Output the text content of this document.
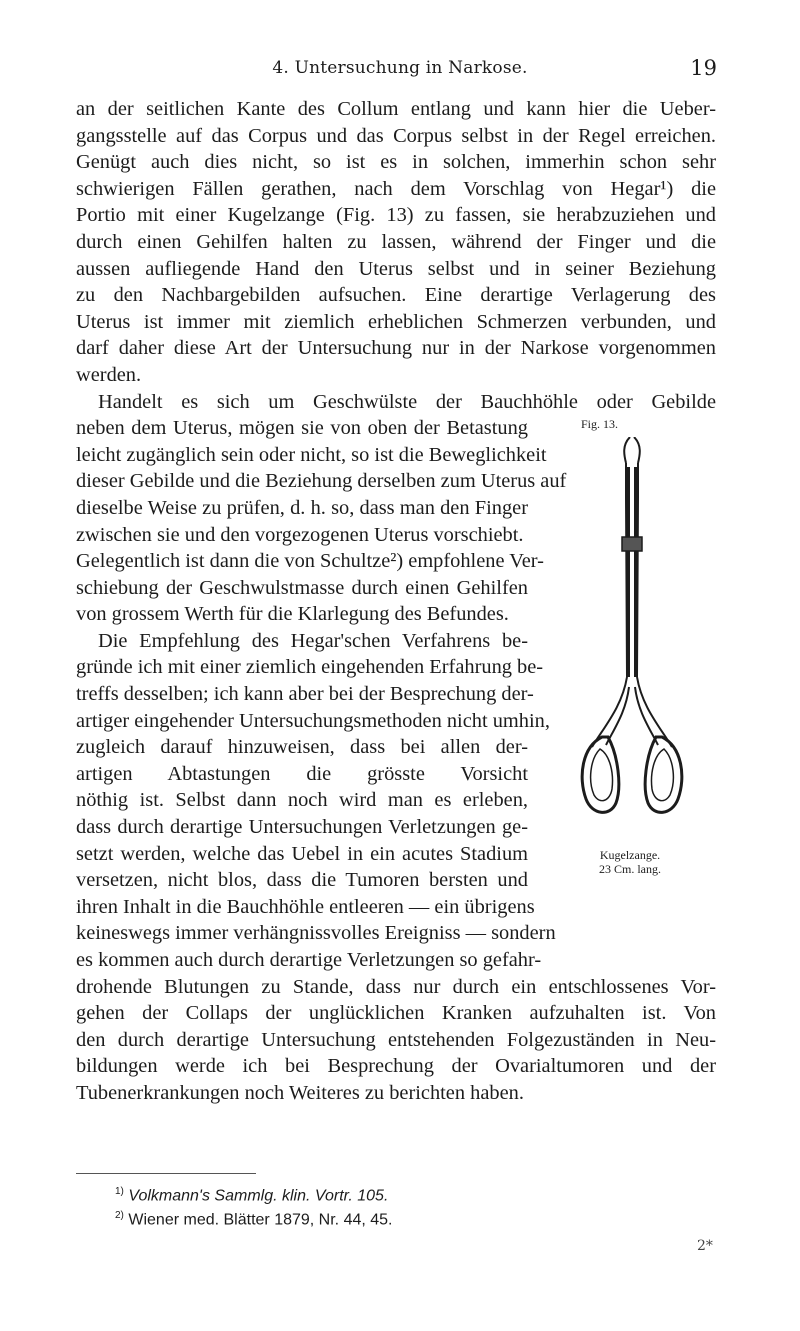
4. Untersuchung in Narkose.	19
an der seitlichen Kante des Collum entlang und kann hier die Ueber-
gangsstelle auf das Corpus und das Corpus selbst in der Regel erreichen.
Genügt auch dies nicht, so ist es in solchen, immerhin schon sehr
schwierigen Fällen gerathen, nach dem Vorschlag von Hegar¹) die
Portio mit einer Kugelzange (Fig. 13) zu fassen, sie herabzuziehen und
durch einen Gehilfen halten zu lassen, während der Finger und die
aussen aufliegende Hand den Uterus selbst und in seiner Beziehung
zu den Nachbargebilden aufsuchen. Eine derartige Verlagerung des
Uterus ist immer mit ziemlich erheblichen Schmerzen verbunden, und
darf daher diese Art der Untersuchung nur in der Narkose vorgenommen
werden.
Handelt es sich um Geschwülste der Bauchhöhle oder Gebilde
neben dem Uterus, mögen sie von oben der Betastung
leicht zugänglich sein oder nicht, so ist die Beweglichkeit
dieser Gebilde und die Beziehung derselben zum Uterus auf
dieselbe Weise zu prüfen, d. h. so, dass man den Finger
zwischen sie und den vorgezogenen Uterus vorschiebt.
Gelegentlich ist dann die von Schultze²) empfohlene Ver-
schiebung der Geschwulstmasse durch einen Gehilfen
von grossem Werth für die Klarlegung des Befundes.
Die Empfehlung des Hegar'schen Verfahrens be-
gründe ich mit einer ziemlich eingehenden Erfahrung be-
treffs desselben; ich kann aber bei der Besprechung der-
artiger eingehender Untersuchungsmethoden nicht umhin,
zugleich darauf hinzuweisen, dass bei allen der-
artigen Abtastungen die grösste Vorsicht
nöthig ist. Selbst dann noch wird man es erleben,
dass durch derartige Untersuchungen Verletzungen ge-
setzt werden, welche das Uebel in ein acutes Stadium
versetzen, nicht blos, dass die Tumoren bersten und
ihren Inhalt in die Bauchhöhle entleeren — ein übrigens
keineswegs immer verhängnissvolles Ereigniss — sondern
es kommen auch durch derartige Verletzungen so gefahr-
drohende Blutungen zu Stande, dass nur durch ein entschlossenes Vor-
gehen der Collaps der unglücklichen Kranken aufzuhalten ist. Von
den durch derartige Untersuchung entstehenden Folgezuständen in Neu-
bildungen werde ich bei Besprechung der Ovarialtumoren und der
Tubenerkrankungen noch Weiteres zu berichten haben.
Fig. 13.
Kugelzange.
23 Cm. lang.
$^{1)}$ Volkmann's Sammlg. klin. Vortr. 105.
$^{2)}$ Wiener med. Blätter 1879, Nr. 44, 45.
2*
